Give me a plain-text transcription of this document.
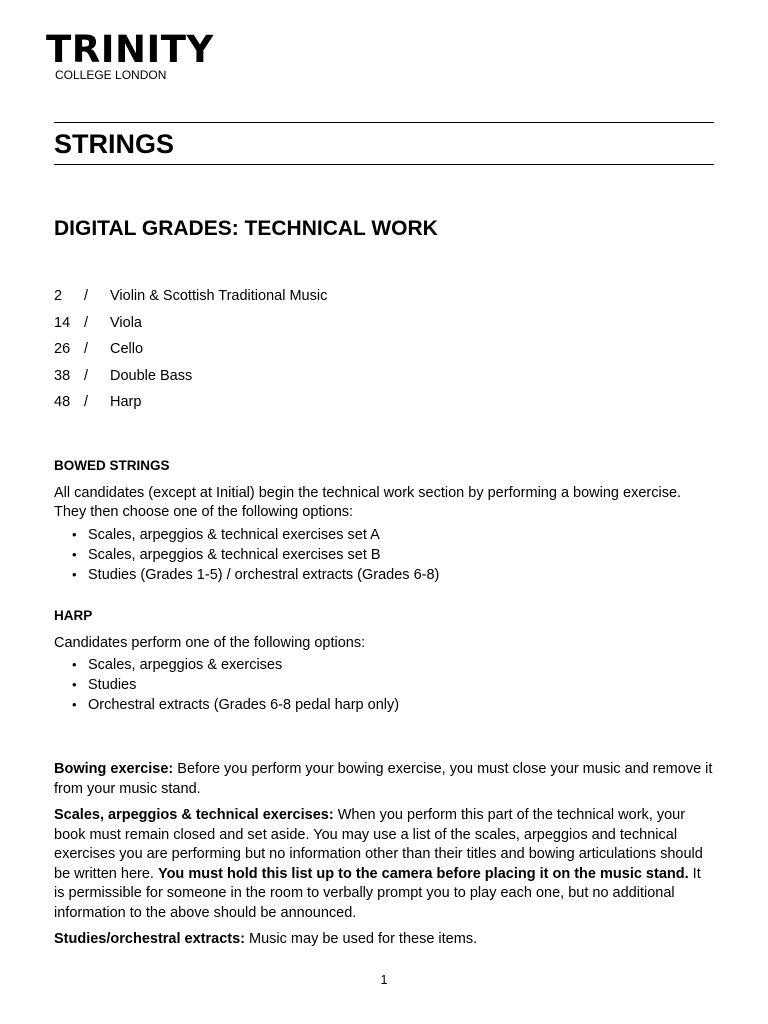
TRINITY
COLLEGE LONDON
STRINGS
DIGITAL GRADES: TECHNICAL WORK
2 / Violin & Scottish Traditional Music
14 / Viola
26 / Cello
38 / Double Bass
48 / Harp

BOWED STRINGS

All candidates (except at Initial) begin the technical work section by performing a bowing exercise. They then choose one of the following options:

• Scales, arpeggios & technical exercises set A
• Scales, arpeggios & technical exercises set B
• Studies (Grades 1-5) / orchestral extracts (Grades 6-8)

HARP

Candidates perform one of the following options:

• Scales, arpeggios & exercises
• Studies
• Orchestral extracts (Grades 6-8 pedal harp only)

Bowing exercise: Before you perform your bowing exercise, you must close your music and remove it from your music stand.

Scales, arpeggios & technical exercises: When you perform this part of the technical work, your book must remain closed and set aside. You may use a list of the scales, arpeggios and technical exercises you are performing but no information other than their titles and bowing articulations should be written here. You must hold this list up to the camera before placing it on the music stand. It is permissible for someone in the room to verbally prompt you to play each one, but no additional information to the above should be announced.

Studies/orchestral extracts: Music may be used for these items.

1
